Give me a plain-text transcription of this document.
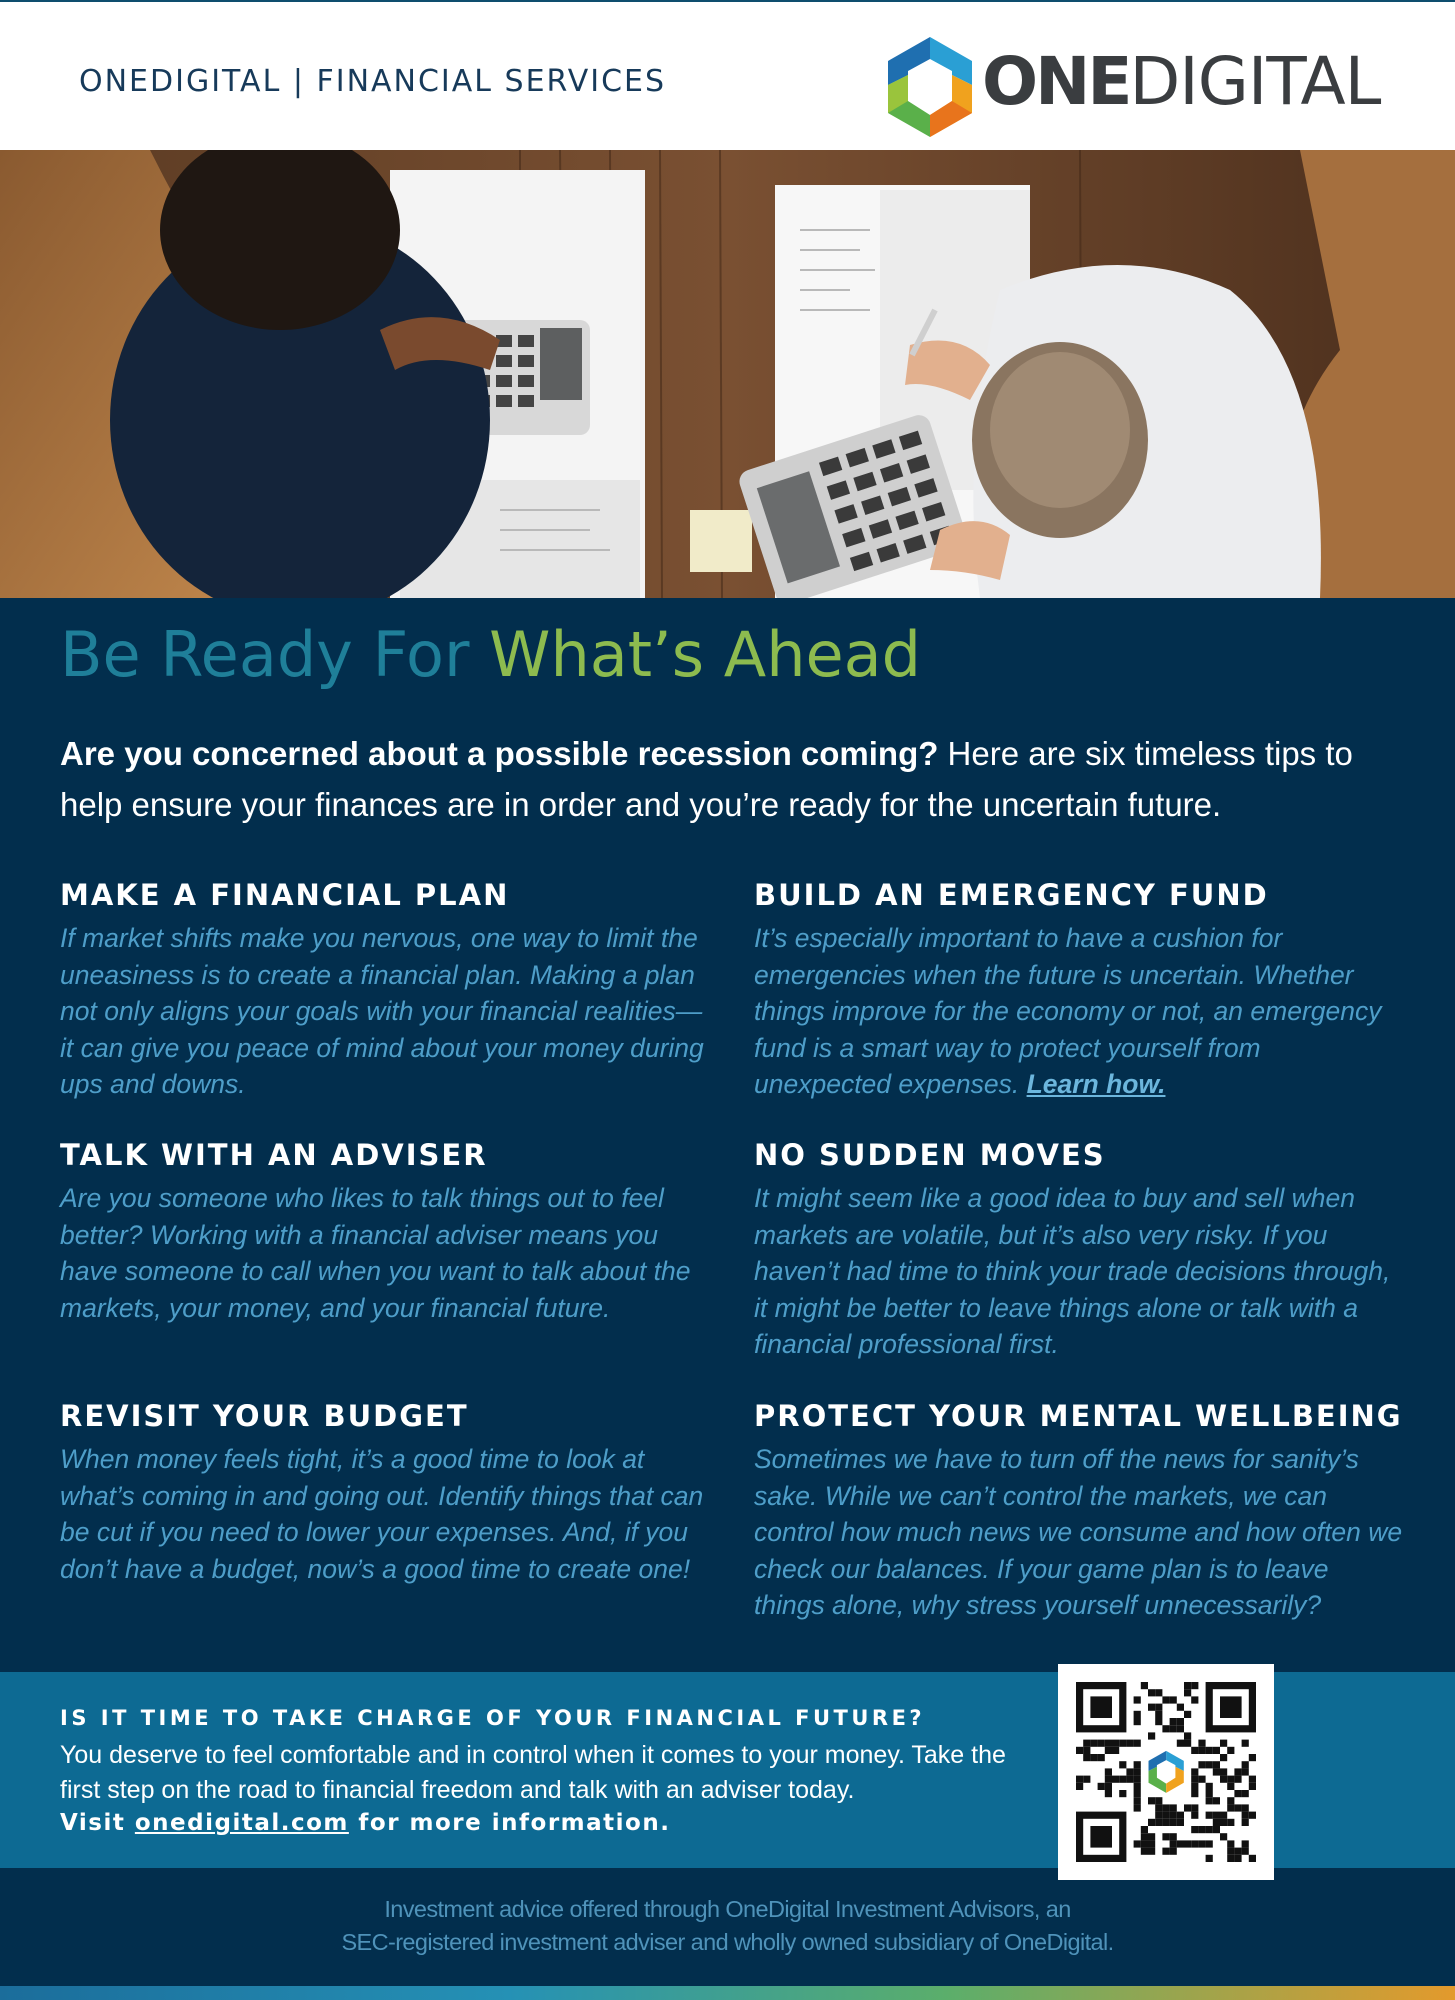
ONEDIGITAL | FINANCIAL SERVICES	ONEDIGITAL
Be Ready For What’s Ahead
Are you concerned about a possible recession coming? Here are six timeless tips to help ensure your finances are in order and you’re ready for the uncertain future.

MAKE A FINANCIAL PLAN

If market shifts make you nervous, one way to limit the uneasiness is to create a financial plan. Making a plan not only aligns your goals with your financial realities—it can give you peace of mind about your money during ups and downs.

BUILD AN EMERGENCY FUND

It’s especially important to have a cushion for emergencies when the future is uncertain. Whether things improve for the economy or not, an emergency fund is a smart way to protect yourself from unexpected expenses. Learn how.

TALK WITH AN ADVISER

Are you someone who likes to talk things out to feel better? Working with a financial adviser means you have someone to call when you want to talk about the markets, your money, and your financial future.

NO SUDDEN MOVES

It might seem like a good idea to buy and sell when markets are volatile, but it’s also very risky. If you haven’t had time to think your trade decisions through, it might be better to leave things alone or talk with a financial professional first.

REVISIT YOUR BUDGET

When money feels tight, it’s a good time to look at what’s coming in and going out. Identify things that can be cut if you need to lower your expenses. And, if you don’t have a budget, now’s a good time to create one!

PROTECT YOUR MENTAL WELLBEING

Sometimes we have to turn off the news for sanity’s sake. While we can’t control the markets, we can control how much news we consume and how often we check our balances. If your game plan is to leave things alone, why stress yourself unnecessarily?

IS IT TIME TO TAKE CHARGE OF YOUR FINANCIAL FUTURE?
You deserve to feel comfortable and in control when it comes to your money. Take the first step on the road to financial freedom and talk with an adviser today.
Visit onedigital.com for more information.
Investment advice offered through OneDigital Investment Advisors, an
SEC-registered investment adviser and wholly owned subsidiary of OneDigital.
